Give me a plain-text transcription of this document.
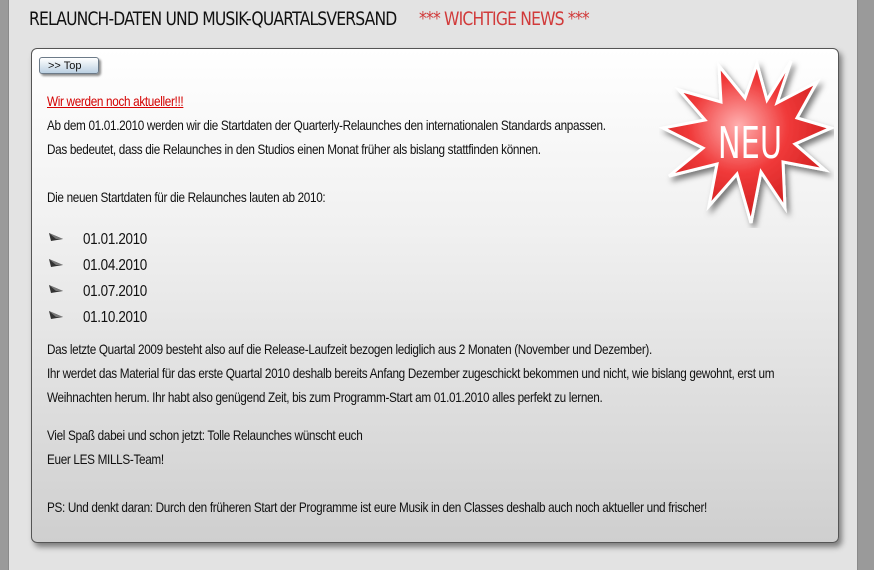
RELAUNCH-DATEN UND MUSIK-QUARTALSVERSAND *** WICHTIGE NEWS ***
>> Top
Wir werden noch aktueller!!!
Ab dem 01.01.2010 werden wir die Startdaten der Quarterly-Relaunches den internationalen Standards anpassen.
Das bedeutet, dass die Relaunches in den Studios einen Monat früher als bislang stattfinden können.
Die neuen Startdaten für die Relaunches lauten ab 2010:
01.01.2010
01.04.2010
01.07.2010
01.10.2010
Das letzte Quartal 2009 besteht also auf die Release-Laufzeit bezogen lediglich aus 2 Monaten (November und Dezember).
Ihr werdet das Material für das erste Quartal 2010 deshalb bereits Anfang Dezember zugeschickt bekommen und nicht, wie bislang gewohnt, erst um
Weihnachten herum. Ihr habt also genügend Zeit, bis zum Programm-Start am 01.01.2010 alles perfekt zu lernen.
Viel Spaß dabei und schon jetzt: Tolle Relaunches wünscht euch
Euer LES MILLS-Team!
PS: Und denkt daran: Durch den früheren Start der Programme ist eure Musik in den Classes deshalb auch noch aktueller und frischer!
NEU
